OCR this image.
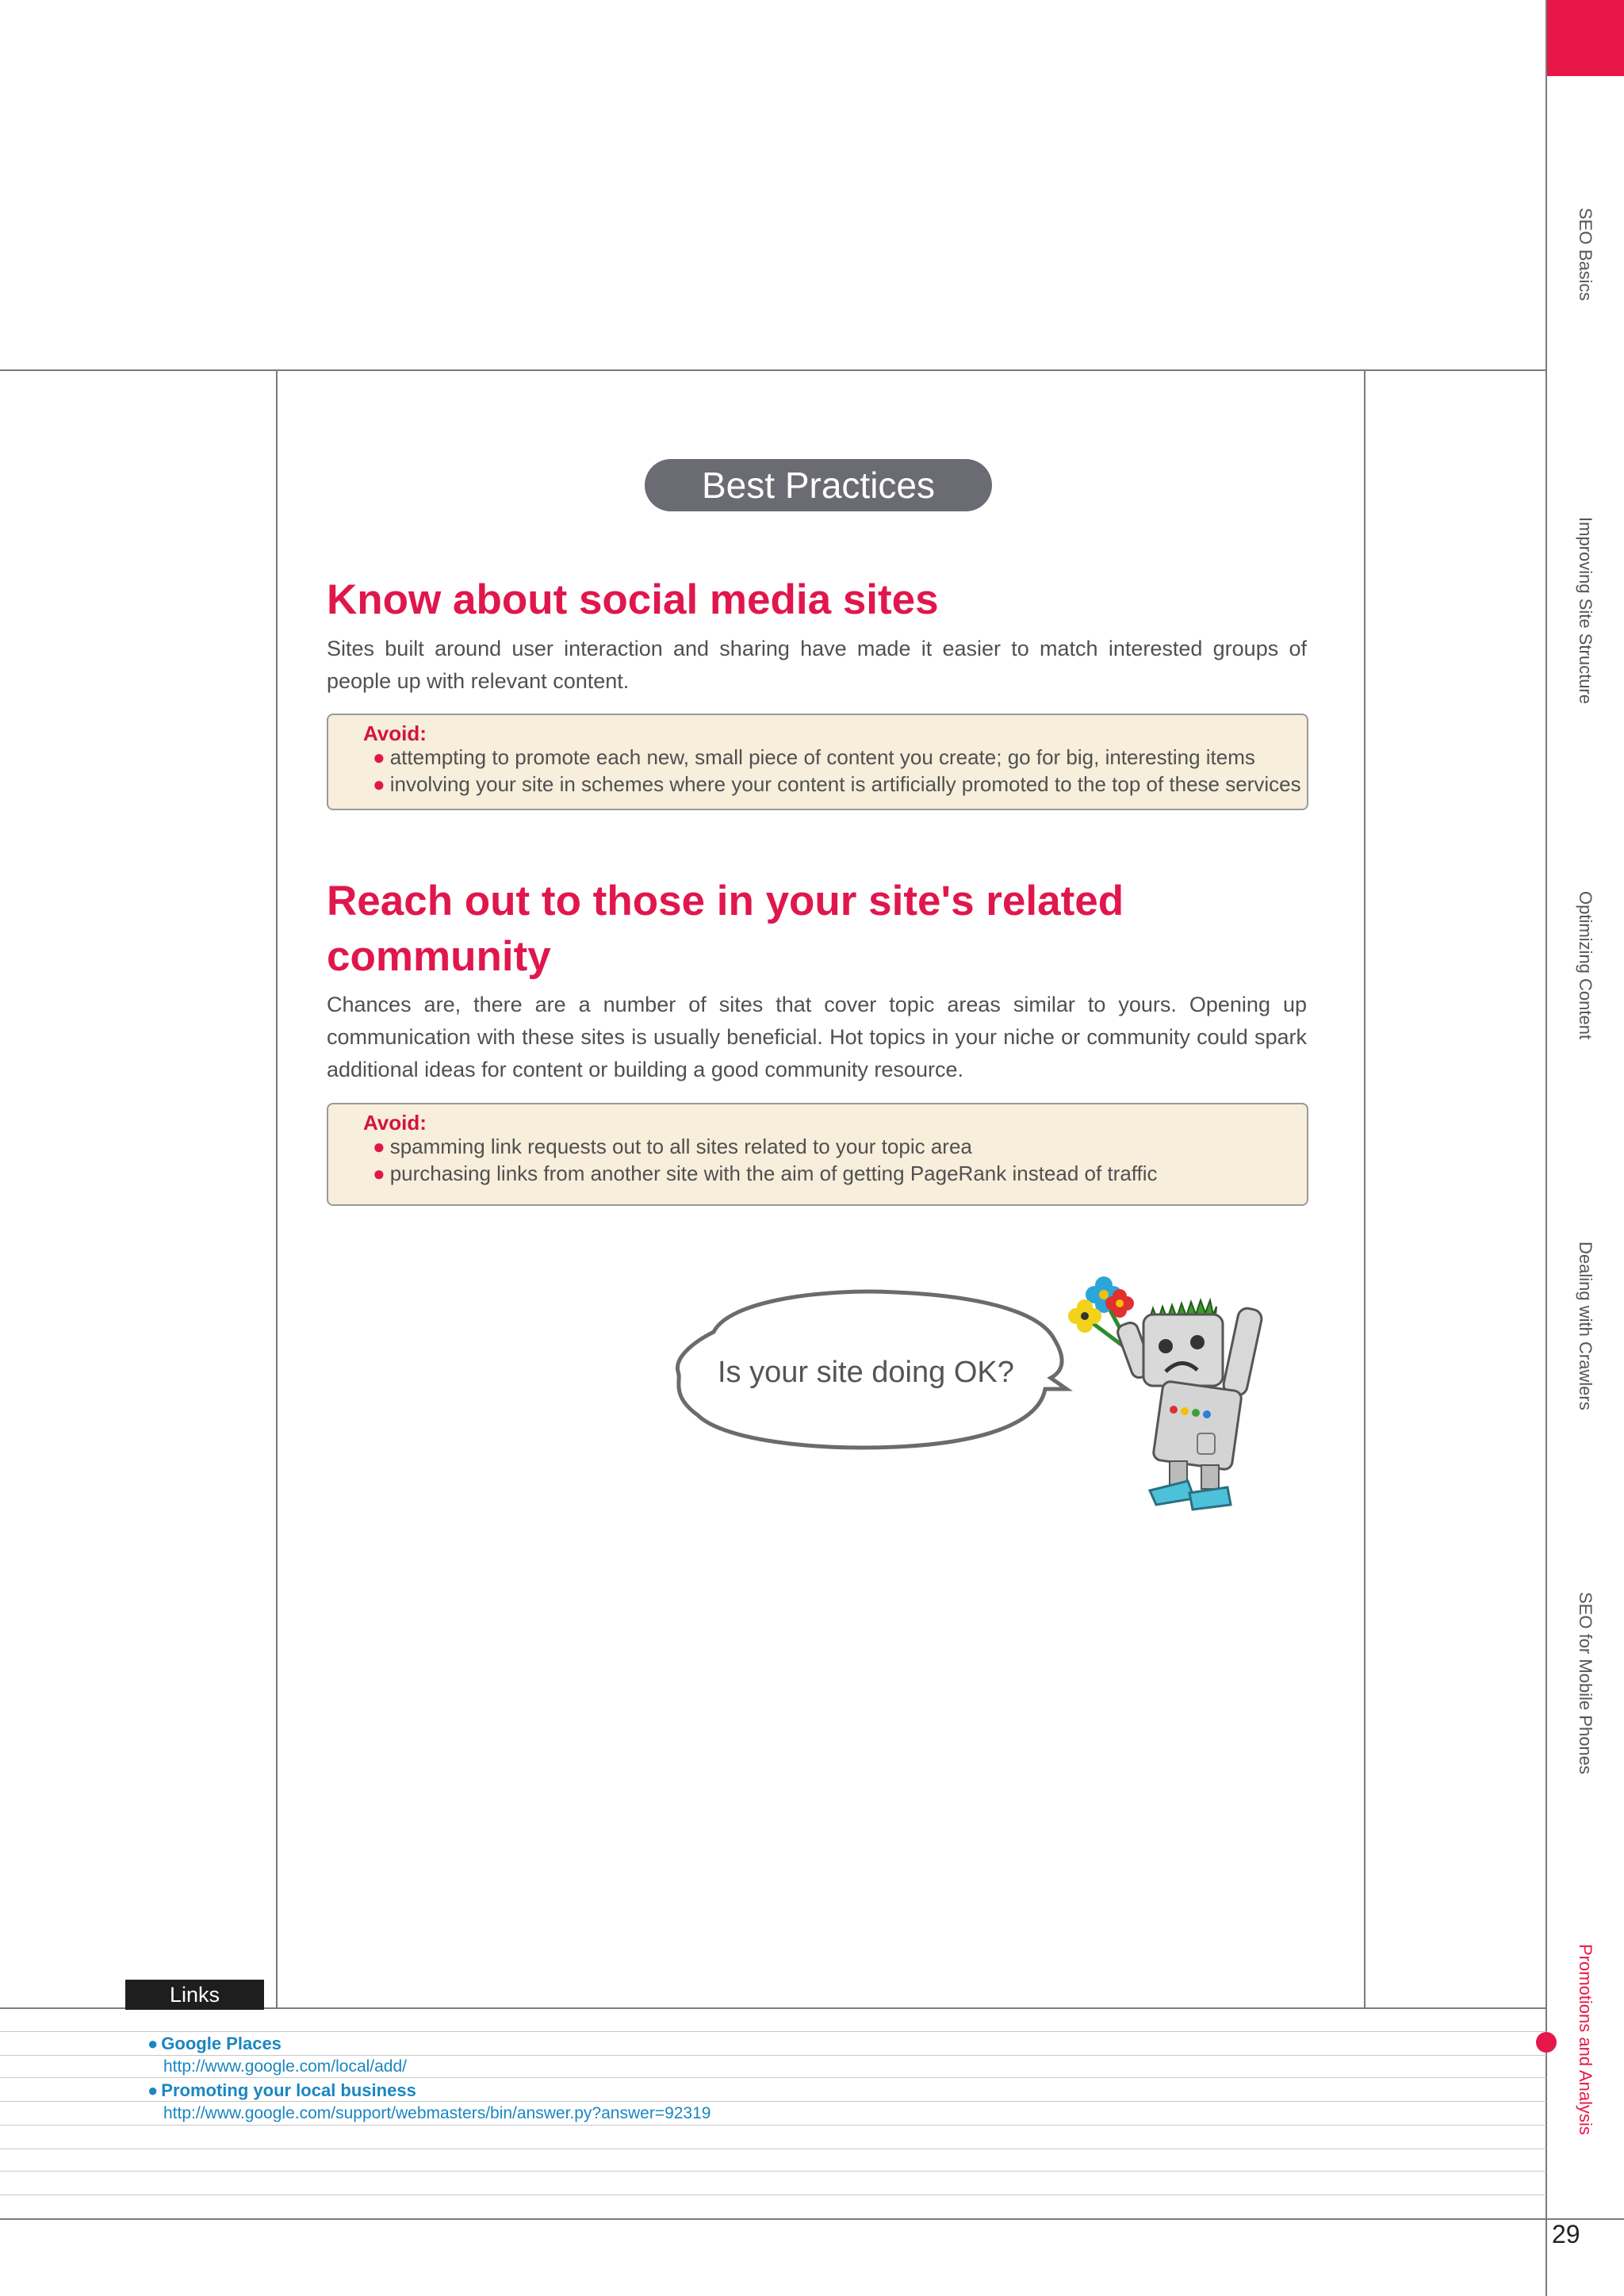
SEO Basics
Improving Site Structure
Optimizing Content
Dealing with Crawlers
SEO for Mobile Phones
Promotions and Analysis
29
Best Practices
Know about social media sites

Sites built around user interaction and sharing have made it easier to match interested groups of people up with relevant content.

Avoid:
● attempting to promote each new, small piece of content you create; go for big, interesting items
● involving your site in schemes where your content is artificially promoted to the top of these services
Reach out to those in your site's related
community

Chances are, there are a number of sites that cover topic areas similar to yours. Opening up communication with these sites is usually beneficial. Hot topics in your niche or community could spark additional ideas for content or building a good community resource.

Avoid:
● spamming link requests out to all sites related to your topic area
● purchasing links from another site with the aim of getting PageRank instead of traffic
Is your site doing OK?
Links
● Google Places
http://www.google.com/local/add/
● Promoting your local business
http://www.google.com/support/webmasters/bin/answer.py?answer=92319
